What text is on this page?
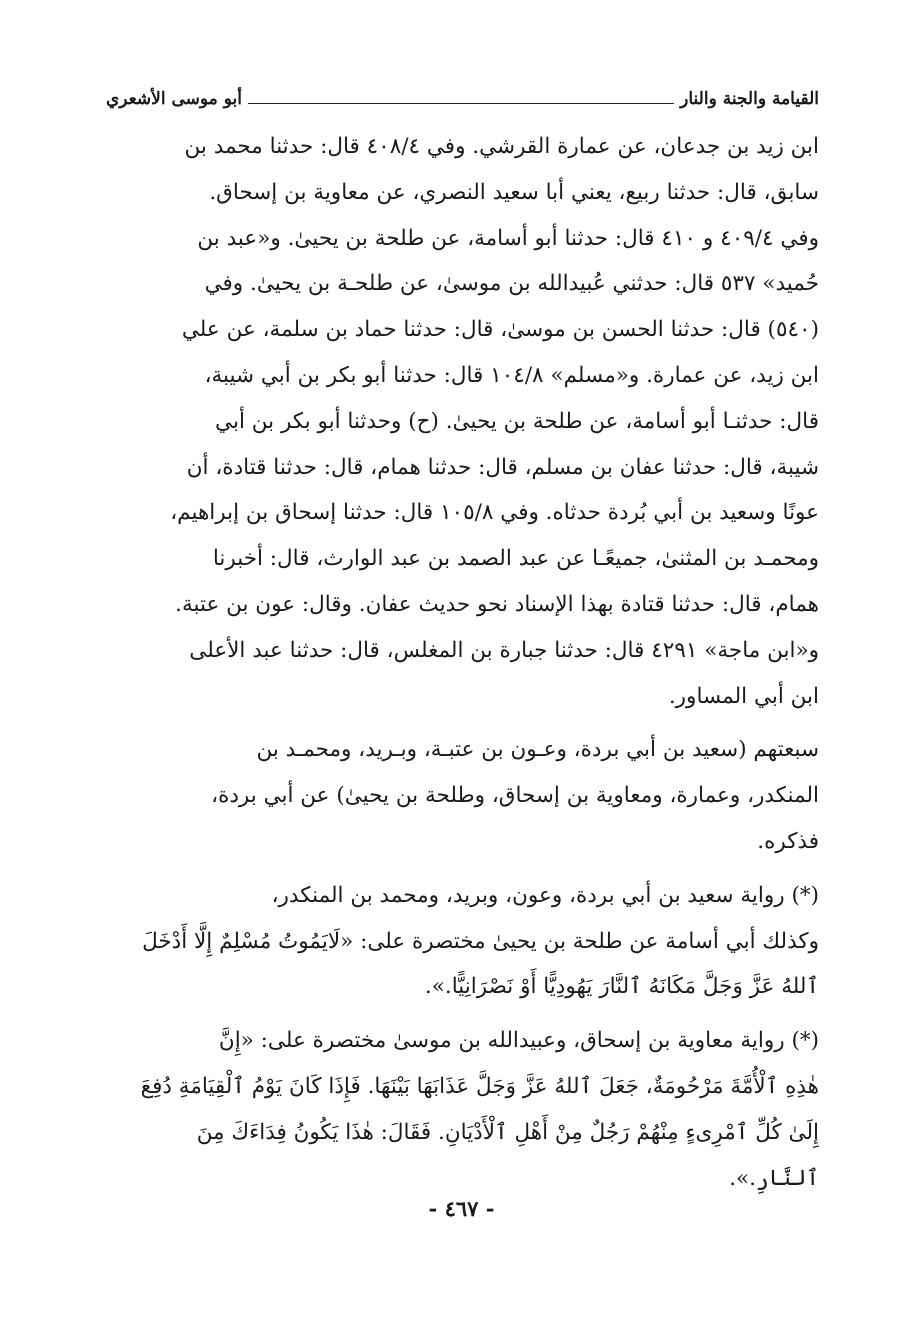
القيامة والجنة والنار
أبو موسى الأشعري
ابن زيد بن جدعان، عن عمارة القرشي. وفي ٤٠٨/٤ قال: حدثنا محمد بن
سابق، قال: حدثنا ربيع، يعني أبا سعيد النصري، عن معاوية بن إسحاق.
وفي ٤٠٩/٤ و ٤١٠ قال: حدثنا أبو أسامة، عن طلحة بن يحيىٰ. و«عبد بن
حُميد» ٥٣٧ قال: حدثني عُبيدالله بن موسىٰ، عن طلحـة بن يحيىٰ. وفي
(٥٤٠) قال: حدثنا الحسن بن موسىٰ، قال: حدثنا حماد بن سلمة، عن علي
ابن زيد، عن عمارة. و«مسلم» ١٠٤/٨ قال: حدثنا أبو بكر بن أبي شيبة،
قال: حدثنـا أبو أسامة، عن طلحة بن يحيىٰ. (ح) وحدثنا أبو بكر بن أبي
شيبة، قال: حدثنا عفان بن مسلم، قال: حدثنا همام، قال: حدثنا قتادة، أن
عونًا وسعيد بن أبي بُردة حدثاه. وفي ١٠٥/٨ قال: حدثنا إسحاق بن إبراهيم،
ومحمـد بن المثنىٰ، جميعًـا عن عبد الصمد بن عبد الوارث، قال: أخبرنا
همام، قال: حدثنا قتادة بهذا الإسناد نحو حديث عفان. وقال: عون بن عتبة.
و«ابن ماجة» ٤٢٩١ قال: حدثنا جبارة بن المغلس، قال: حدثنا عبد الأعلى
ابن أبي المساور.
سبعتهم (سعيد بن أبي بردة، وعـون بن عتبـة، وبـريد، ومحمـد بن
المنكدر، وعمارة، ومعاوية بن إسحاق، وطلحة بن يحيىٰ) عن أبي بردة،
فذكره.
(*) رواية سعيد بن أبي بردة، وعون، وبريد، ومحمد بن المنكدر،
وكذلك أبي أسامة عن طلحة بن يحيىٰ مختصرة على: «لَايَمُوتُ مُسْلِمٌ إِلَّا أَدْخَلَ
ٱللهُ عَزَّ وَجَلَّ مَكَانَهُ ٱلنَّارَ يَهُودِيًّا أَوْ نَصْرَانِيًّا.».
(*) رواية معاوية بن إسحاق، وعبيدالله بن موسىٰ مختصرة على: «إِنَّ
هٰذِهِ ٱلْأُمَّةَ مَرْحُومَةٌ، جَعَلَ ٱللهُ عَزَّ وَجَلَّ عَذَابَهَا بَيْنَهَا. فَإِذَا كَانَ يَوْمُ ٱلْقِيَامَةِ دُفِعَ
إِلَىٰ كُلِّ ٱمْرِىءٍ مِنْهُمْ رَجُلٌ مِنْ أَهْلِ ٱلْأَدْيَانِ. فَقَالَ: هٰذَا يَكُونُ فِدَاءَكَ مِنَ
ٱلنَّارِ.».
- ٤٦٧ -
